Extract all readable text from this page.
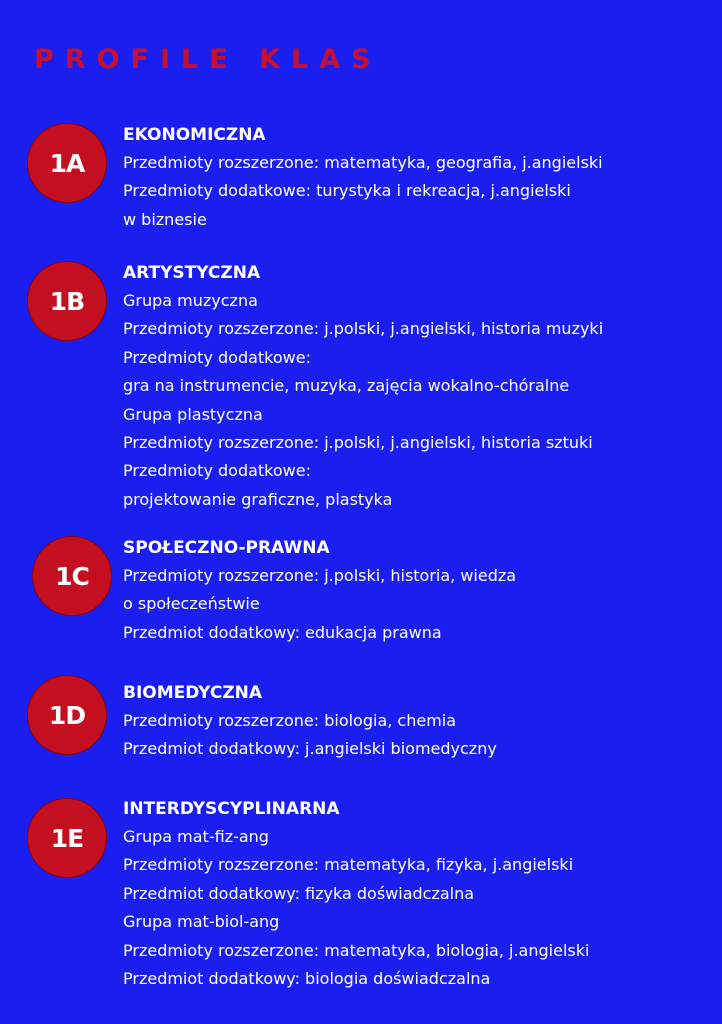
PROFILE KLAS
1A
EKONOMICZNA
Przedmioty rozszerzone: matematyka, geografia, j.angielski
Przedmioty dodatkowe: turystyka i rekreacja, j.angielski
w biznesie
1B
ARTYSTYCZNA
Grupa muzyczna
Przedmioty rozszerzone: j.polski, j.angielski, historia muzyki
Przedmioty dodatkowe:
gra na instrumencie, muzyka, zajęcia wokalno-chóralne
Grupa plastyczna
Przedmioty rozszerzone: j.polski, j.angielski, historia sztuki
Przedmioty dodatkowe:
projektowanie graficzne, plastyka
1C
SPOŁECZNO-PRAWNA
Przedmioty rozszerzone: j.polski, historia, wiedza
o społeczeństwie
Przedmiot dodatkowy: edukacja prawna
1D
BIOMEDYCZNA
Przedmioty rozszerzone: biologia, chemia
Przedmiot dodatkowy: j.angielski biomedyczny
1E
INTERDYSCYPLINARNA
Grupa mat-fiz-ang
Przedmioty rozszerzone: matematyka, fizyka, j.angielski
Przedmiot dodatkowy: fizyka doświadczalna
Grupa mat-biol-ang
Przedmioty rozszerzone: matematyka, biologia, j.angielski
Przedmiot dodatkowy: biologia doświadczalna
